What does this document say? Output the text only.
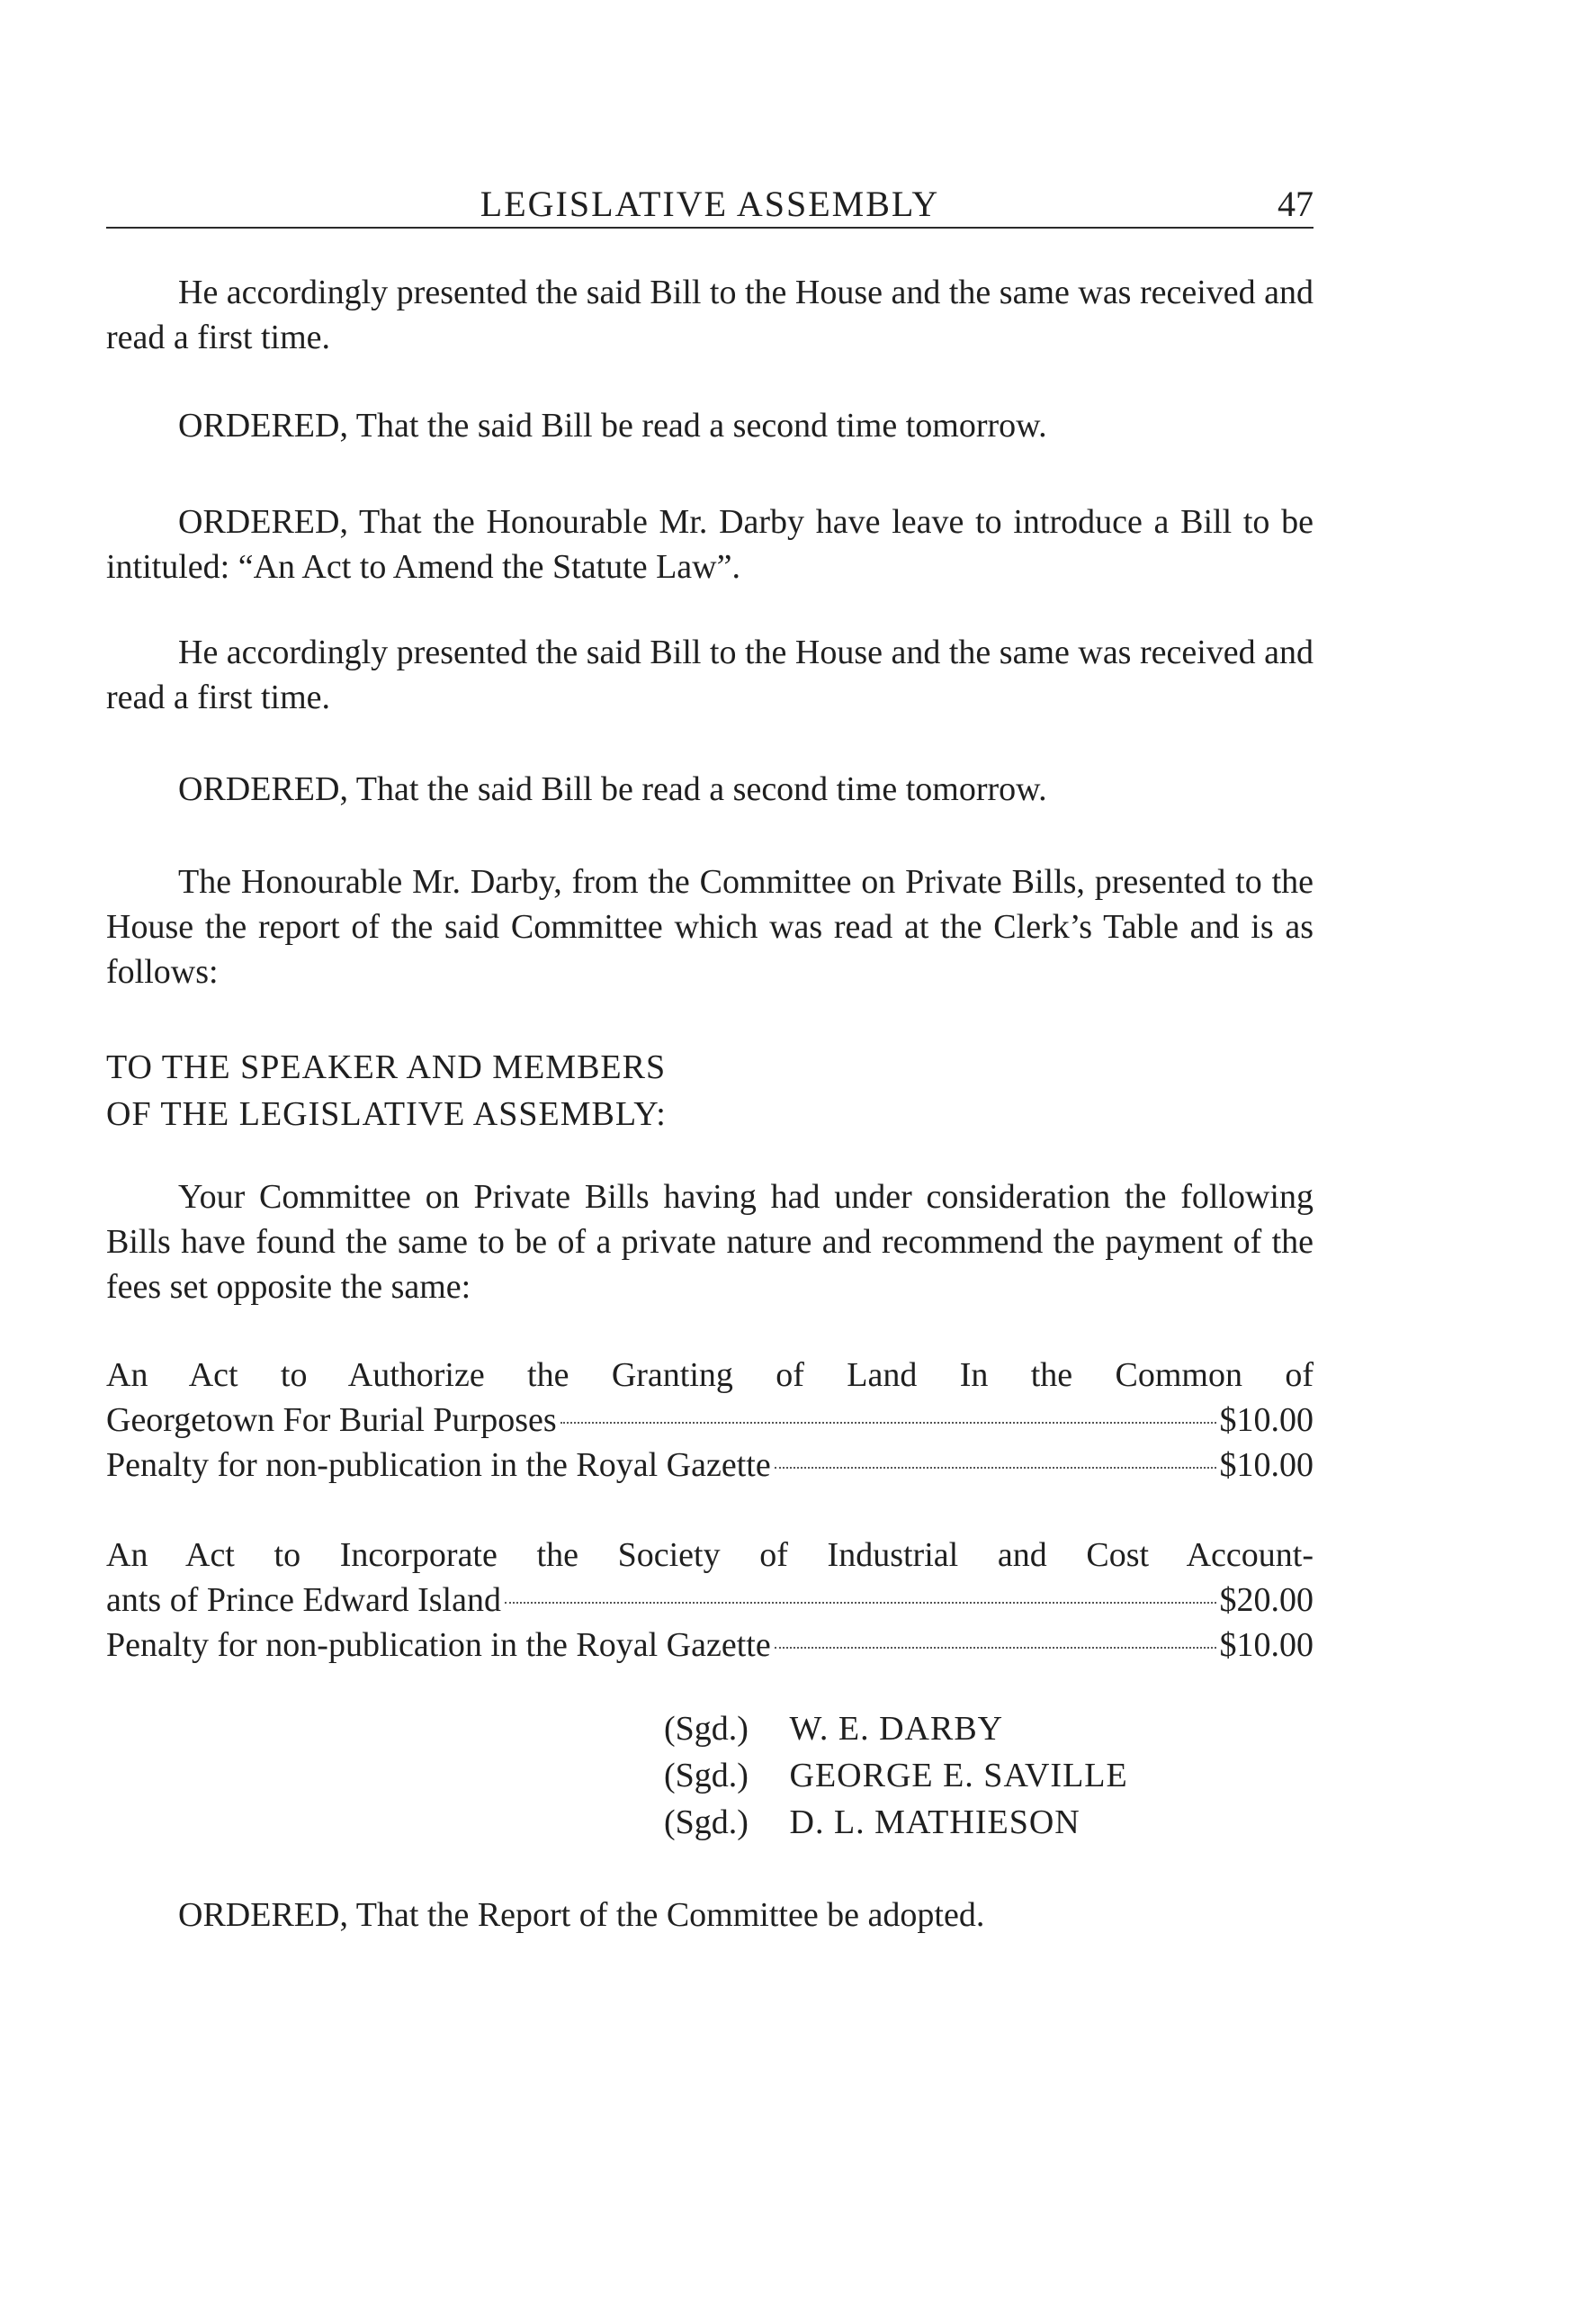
LEGISLATIVE ASSEMBLY	47

He accordingly presented the said Bill to the House and the same was received and read a first time.

ORDERED, That the said Bill be read a second time tomorrow.

ORDERED, That the Honourable Mr. Darby have leave to introduce a Bill to be intituled: “An Act to Amend the Statute Law”.

He accordingly presented the said Bill to the House and the same was received and read a first time.

ORDERED, That the said Bill be read a second time tomorrow.

The Honourable Mr. Darby, from the Committee on Private Bills, presented to the House the report of the said Committee which was read at the Clerk’s Table and is as follows:

TO THE SPEAKER AND MEMBERS

OF THE LEGISLATIVE ASSEMBLY:

Your Committee on Private Bills having had under consideration the following Bills have found the same to be of a private nature and recommend the payment of the fees set opposite the same:

An Act to Authorize the Granting of Land In the Common of
Georgetown For Burial Purposes	$10.00
Penalty for non-publication in the Royal Gazette	$10.00
An Act to Incorporate the Society of Industrial and Cost Account-
ants of Prince Edward Island	$20.00
Penalty for non-publication in the Royal Gazette	$10.00
(Sgd.) W. E. DARBY
(Sgd.) GEORGE E. SAVILLE
(Sgd.) D. L. MATHIESON

ORDERED, That the Report of the Committee be adopted.
